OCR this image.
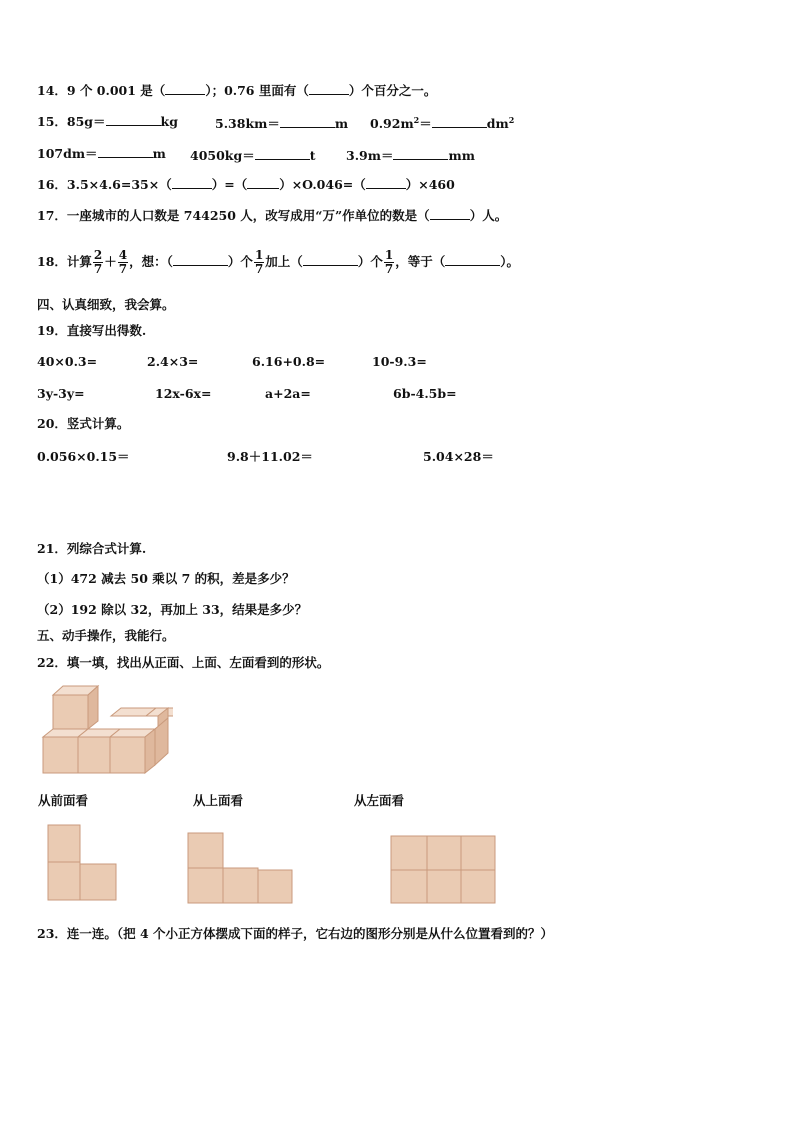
14．9 个 0.001 是（	）；0.76 里面有（	）个百分之一。
15．85g＝	kg	5.38km＝	m $0.92m^2=$	$dm^2$
107dm＝	m 4050kg＝	t 3.9m＝	mm
16．3.5×4.6=35×（	）=（	）×O.046=（	）×460
17．一座城市的人口数是 744250 人，改写成用“万”作单位的数是（	）人。
18．计算 $\frac{2}{7} + \frac{4}{7}$ ，想：（	）个 $\frac{1}{7}$ 加上（	）个 $\frac{1}{7}$ ，等于（	）。
四、认真细致，我会算。
19．直接写出得数.
40×0.3=	2.4×3=	6.16+0.8=	10-9.3=
3y-3y=	12x-6x=	a+2a=	6b-4.5b=
20．竖式计算。
0.056×0.15＝	9.8＋11.02＝	5.04×28＝
21．列综合式计算.
（1）472 减去 50 乘以 7 的积，差是多少？
（2）192 除以 32，再加上 33，结果是多少？
五、动手操作，我能行。
22．填一填，找出从正面、上面、左面看到的形状。
从前面看	从上面看	从左面看
23．连一连。（把 4 个小正方体摆成下面的样子，它右边的图形分别是从什么位置看到的？）
